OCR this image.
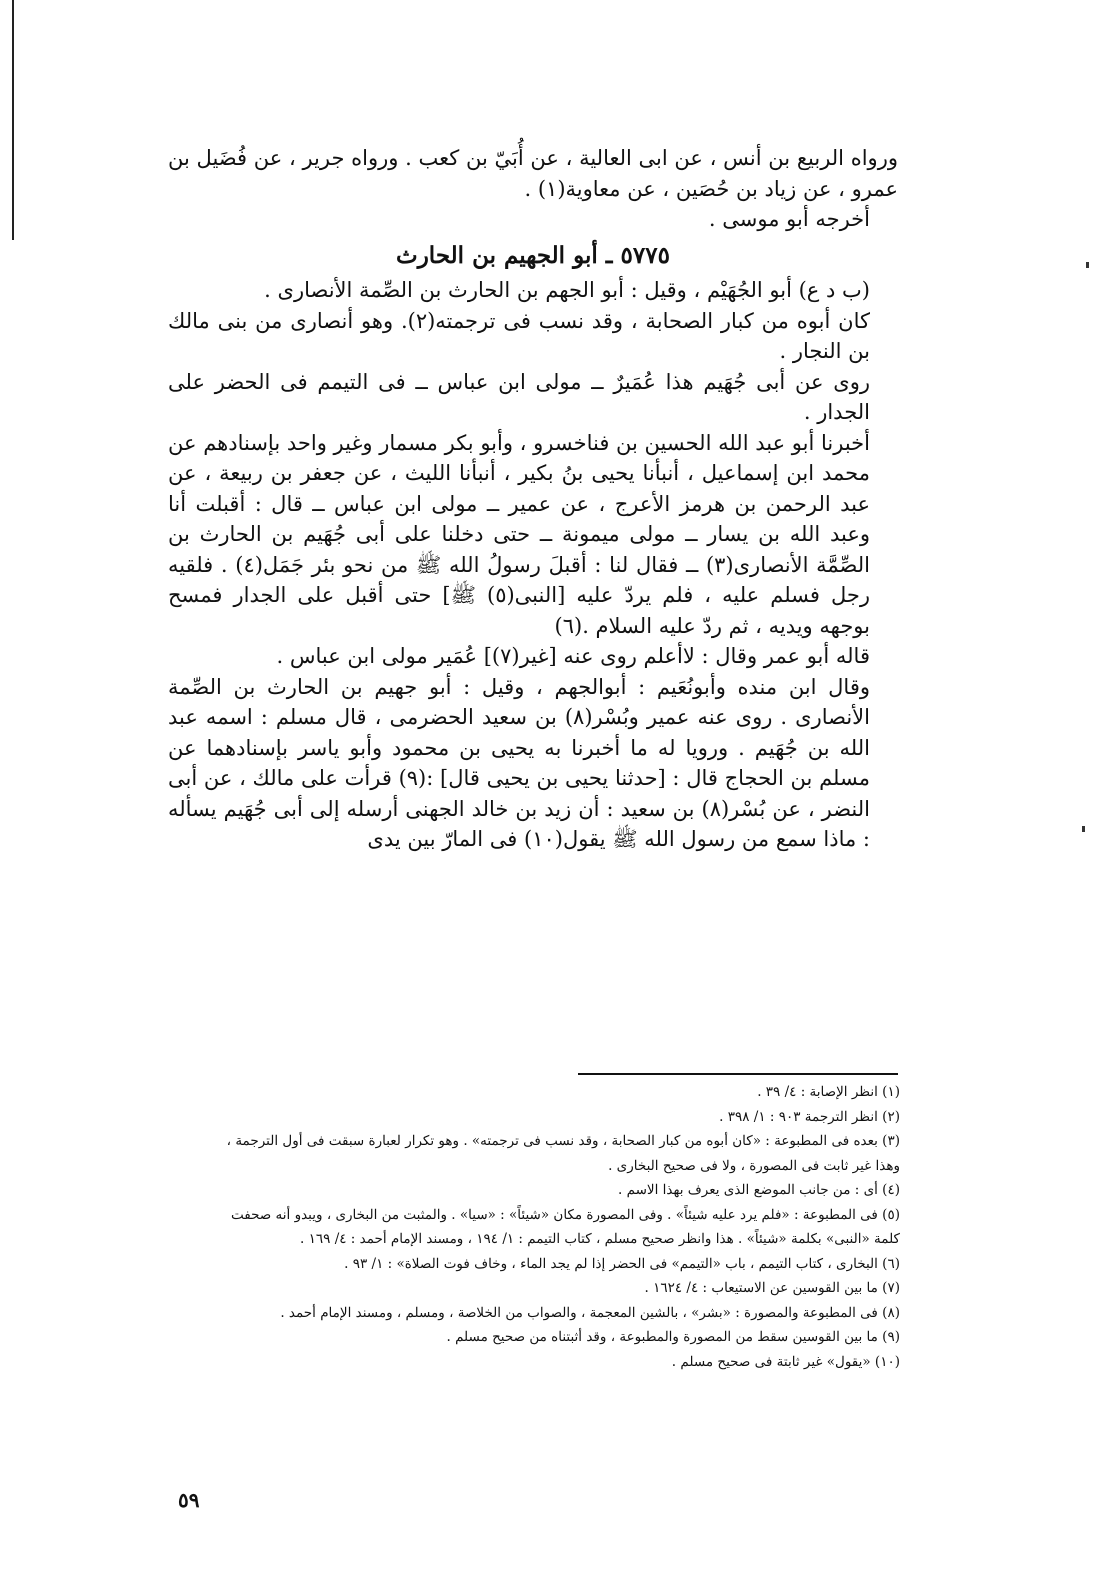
ورواه الربيع بن أنس ، عن ابى العالية ، عن أُبَيّ بن كعب . ورواه جرير ، عن فُضَيل بن عمرو ، عن زياد بن حُصَين ، عن معاوية(١) .

أخرجه أبو موسى .

٥٧٧٥ـ أبو الجهيم بن الحارث

(ب د ع) أبو الجُهَيْم ، وقيل : أبو الجهم بن الحارث بن الصِّمة الأنصارى .

كان أبوه من كبار الصحابة ، وقد نسب فى ترجمته(٢). وهو أنصارى من بنى مالك بن النجار .

روى عن أبى جُهَيم هذا عُمَيرٌ ــ مولى ابن عباس ــ فى التيمم فى الحضر على الجدار .

أخبرنا أبو عبد الله الحسين بن فناخسرو ، وأبو بكر مسمار وغير واحد بإسنادهم عن محمد ابن إسماعيل ، أنبأنا يحيى بنُ بكير ، أنبأنا الليث ، عن جعفر بن ربيعة ، عن عبد الرحمن بن هرمز الأعرج ، عن عمير ــ مولى ابن عباس ــ قال : أقبلت أنا وعبد الله بن يسار ــ مولى ميمونة ــ حتى دخلنا على أبى جُهَيم بن الحارث بن الصِّمَّة الأنصارى(٣) ــ فقال لنا : أقبلَ رسولُ الله ﷺ من نحو بئر جَمَل(٤) . فلقيه رجل فسلم عليه ، فلم يردّ عليه [النبى(٥) ﷺ] حتى أقبل على الجدار فمسح بوجهه ويديه ، ثم ردّ عليه السلام .(٦)

قاله أبو عمر وقال : لاأعلم روى عنه [غير(٧)] عُمَير مولى ابن عباس .

وقال ابن منده وأبونُعَيم : أبوالجهم ، وقيل : أبو جهيم بن الحارث بن الصِّمة الأنصارى . روى عنه عمير وبُسْر(٨) بن سعيد الحضرمى ، قال مسلم : اسمه عبد الله بن جُهَيم . ورويا له ما أخبرنا به يحيى بن محمود وأبو ياسر بإسنادهما عن مسلم بن الحجاج قال : [حدثنا يحيى بن يحيى قال] :(٩) قرأت على مالك ، عن أبى النضر ، عن بُسْر(٨) بن سعيد : أن زيد بن خالد الجهنى أرسله إلى أبى جُهَيم يسأله : ماذا سمع من رسول الله ﷺ يقول(١٠) فى المارّ بين يدى

(١) انظر الإصابة : ٤/ ٣٩ .

(٢) انظر الترجمة ٩٠٣ : ١/ ٣٩٨ .

(٣) بعده فى المطبوعة : «كان أبوه من كبار الصحابة ، وقد نسب فى ترجمته» . وهو تكرار لعبارة سبقت فى أول الترجمة ، وهذا غير ثابت فى المصورة ، ولا فى صحيح البخارى .

(٤) أى : من جانب الموضع الذى يعرف بهذا الاسم .

(٥) فى المطبوعة : «فلم يرد عليه شيئاً» . وفى المصورة مكان «شيئاً» : «سيا» . والمثبت من البخارى ، ويبدو أنه صحفت كلمة «النبى» بكلمة «شيئاً» . هذا وانظر صحيح مسلم ، كتاب التيمم : ١/ ١٩٤ ، ومسند الإمام أحمد : ٤/ ١٦٩ .

(٦) البخارى ، كتاب التيمم ، باب «التيمم» فى الحضر إذا لم يجد الماء ، وخاف فوت الصلاة» : ١/ ٩٣ .

(٧) ما بين القوسين عن الاستيعاب : ٤/ ١٦٢٤ .

(٨) فى المطبوعة والمصورة : «بشر» ، بالشين المعجمة ، والصواب من الخلاصة ، ومسلم ، ومسند الإمام أحمد .

(٩) ما بين القوسين سقط من المصورة والمطبوعة ، وقد أثبتناه من صحيح مسلم .

(١٠) «يقول» غير ثابتة فى صحيح مسلم .

٥٩
